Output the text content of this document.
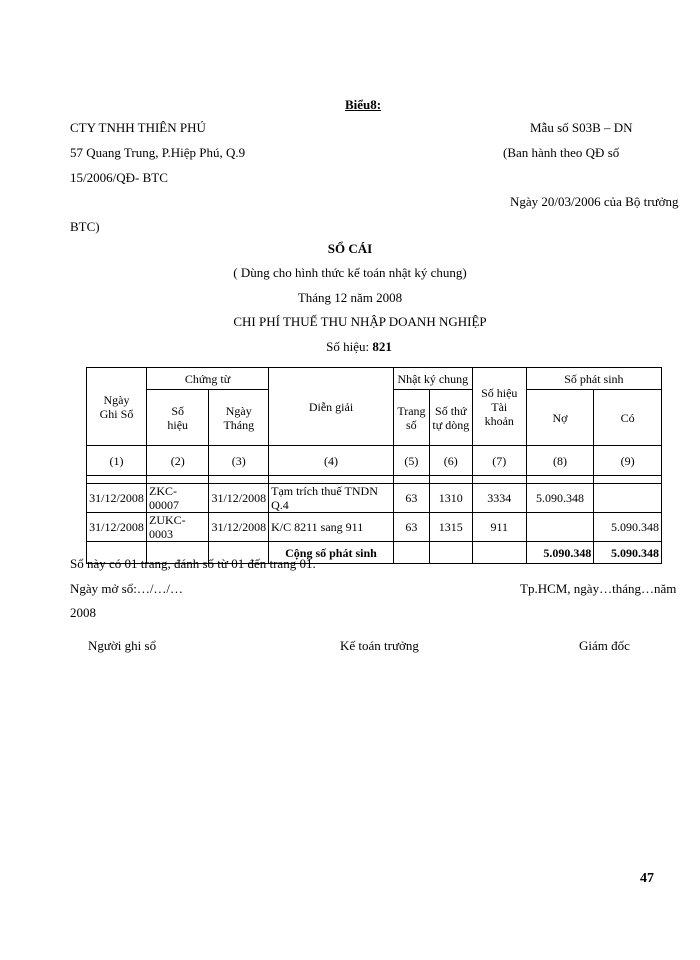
Biểu8:
CTY TNHH THIÊN PHÚ
57 Quang Trung, P.Hiệp Phú, Q.9
15/2006/QĐ- BTC
Mẫu số S03B – DN
(Ban hành theo QĐ số
Ngày 20/03/2006 của Bộ trưởng
BTC)
SỔ CÁI
( Dùng cho hình thức kế toán nhật ký chung)
Tháng 12 năm 2008
CHI PHÍ THUẾ THU NHẬP DOANH NGHIỆP
Số hiệu: 821
Ngày Ghi Sổ	Chứng từ		Diễn giải	Nhật ký chung		Số hiệu Tài khoản	Số phát sinh	

	Số hiệu	Ngày Tháng		Trang số	Số thứ tự dòng		Nợ	Có
(1)	(2)	(3)	(4)	(5)	(6)	(7)	(8)	(9)

31/12/2008	ZKC-00007	31/12/2008	Tạm trích thuế TNDN Q.4	63	1310	3334	5.090.348	
31/12/2008	ZUKC-0003	31/12/2008	K/C 8211 sang 911	63	1315	911		5.090.348
			Cộng số phát sinh				5.090.348	5.090.348
Sổ này có 01 trang, đánh số từ 01 đến trang 01.
Ngày mở sổ:…/…/…	Tp.HCM, ngày…tháng…năm
2008
Người ghi sổ	Kế toán trưởng	Giám đốc
47
